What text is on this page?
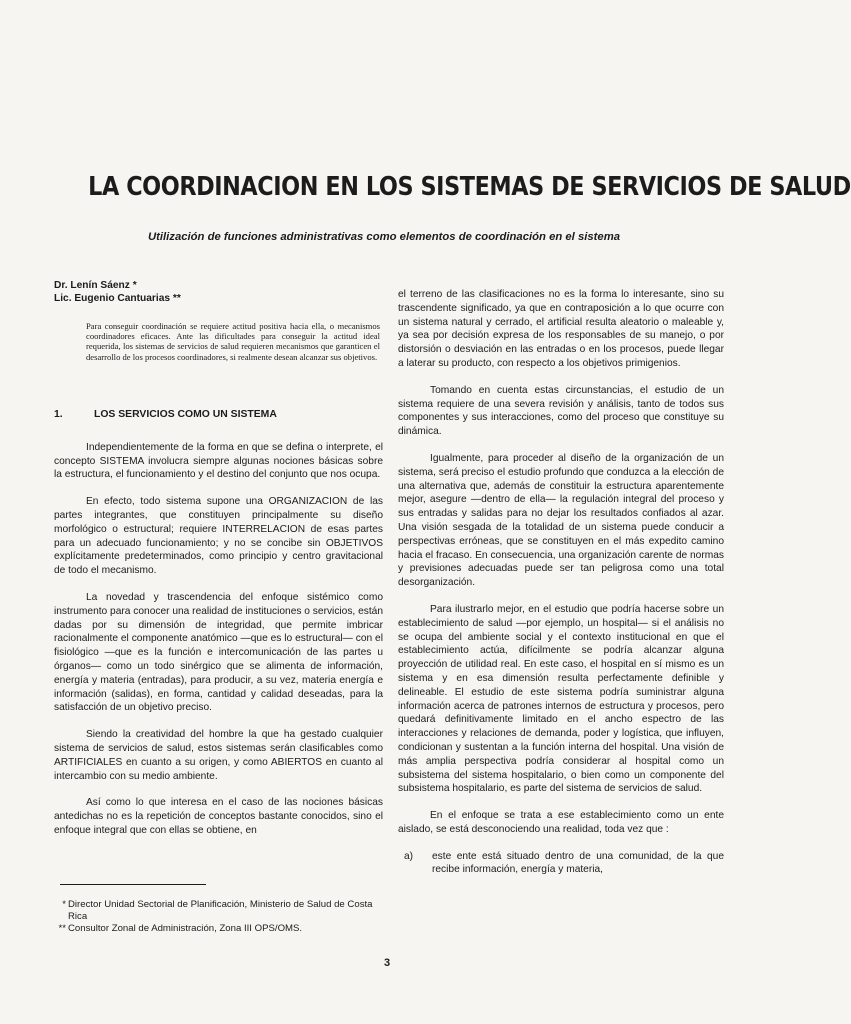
LA COORDINACION EN LOS SISTEMAS DE SERVICIOS DE SALUD
Utilización de funciones administrativas como elementos de coordinación en el sistema
Dr. Lenín Sáenz *
Lic. Eugenio Cantuarias **

Para conseguir coordinación se requiere actitud positiva hacia ella, o mecanismos coordinadores eficaces. Ante las dificultades para conseguir la actitud ideal requerida, los sistemas de servicios de salud requieren mecanismos que garanticen el desarrollo de los procesos coordinadores, si realmente desean alcanzar sus objetivos.

1.	LOS SERVICIOS COMO UN SISTEMA

Independientemente de la forma en que se defina o interprete, el concepto SISTEMA involucra siempre algunas nociones básicas sobre la estructura, el funcionamiento y el destino del conjunto que nos ocupa.

En efecto, todo sistema supone una ORGANIZACION de las partes integrantes, que constituyen principalmente su diseño morfológico o estructural; requiere INTERRELACION de esas partes para un adecuado funcionamiento; y no se concibe sin OBJETIVOS explícitamente predeterminados, como principio y centro gravitacional de todo el mecanismo.

La novedad y trascendencia del enfoque sistémico como instrumento para conocer una realidad de instituciones o servicios, están dadas por su dimensión de integridad, que permite imbricar racionalmente el componente anatómico —que es lo estructural— con el fisiológico —que es la función e intercomunicación de las partes u órganos— como un todo sinérgico que se alimenta de información, energía y materia (entradas), para producir, a su vez, materia energía e información (salidas), en forma, cantidad y calidad deseadas, para la satisfacción de un objetivo preciso.

Siendo la creatividad del hombre la que ha gestado cualquier sistema de servicios de salud, estos sistemas serán clasificables como ARTIFICIALES en cuanto a su origen, y como ABIERTOS en cuanto al intercambio con su medio ambiente.

Así como lo que interesa en el caso de las nociones básicas antedichas no es la repetición de conceptos bastante conocidos, sino el enfoque integral que con ellas se obtiene, en

el terreno de las clasificaciones no es la forma lo interesante, sino su trascendente significado, ya que en contraposición a lo que ocurre con un sistema natural y cerrado, el artificial resulta aleatorio o maleable y, ya sea por decisión expresa de los responsables de su manejo, o por distorsión o desviación en las entradas o en los procesos, puede llegar a laterar su producto, con respecto a los objetivos primigenios.

Tomando en cuenta estas circunstancias, el estudio de un sistema requiere de una severa revisión y análisis, tanto de todos sus componentes y sus interacciones, como del proceso que constituye su dinámica.

Igualmente, para proceder al diseño de la organización de un sistema, será preciso el estudio profundo que conduzca a la elección de una alternativa que, además de constituir la estructura aparentemente mejor, asegure —dentro de ella— la regulación integral del proceso y sus entradas y salidas para no dejar los resultados confiados al azar. Una visión sesgada de la totalidad de un sistema puede conducir a perspectivas erróneas, que se constituyen en el más expedito camino hacia el fracaso. En consecuencia, una organización carente de normas y previsiones adecuadas puede ser tan peligrosa como una total desorganización.

Para ilustrarlo mejor, en el estudio que podría hacerse sobre un establecimiento de salud —por ejemplo, un hospital— si el análisis no se ocupa del ambiente social y el contexto institucional en que el establecimiento actúa, difícilmente se podría alcanzar alguna proyección de utilidad real. En este caso, el hospital en sí mismo es un sistema y en esa dimensión resulta perfectamente definible y delineable. El estudio de este sistema podría suministrar alguna información acerca de patrones internos de estructura y procesos, pero quedará definitivamente limitado en el ancho espectro de las interacciones y relaciones de demanda, poder y logística, que influyen, condicionan y sustentan a la función interna del hospital. Una visión de más amplia perspectiva podría considerar al hospital como un subsistema del sistema hospitalario, o bien como un componente del subsistema hospitalario, es parte del sistema de servicios de salud.

En el enfoque se trata a ese establecimiento como un ente aislado, se está desconociendo una realidad, toda vez que :

a)	este ente está situado dentro de una comunidad, de la que recibe información, energía y materia,
* Director Unidad Sectorial de Planificación, Ministerio de Salud de Costa Rica
** Consultor Zonal de Administración, Zona III OPS/OMS.
3
